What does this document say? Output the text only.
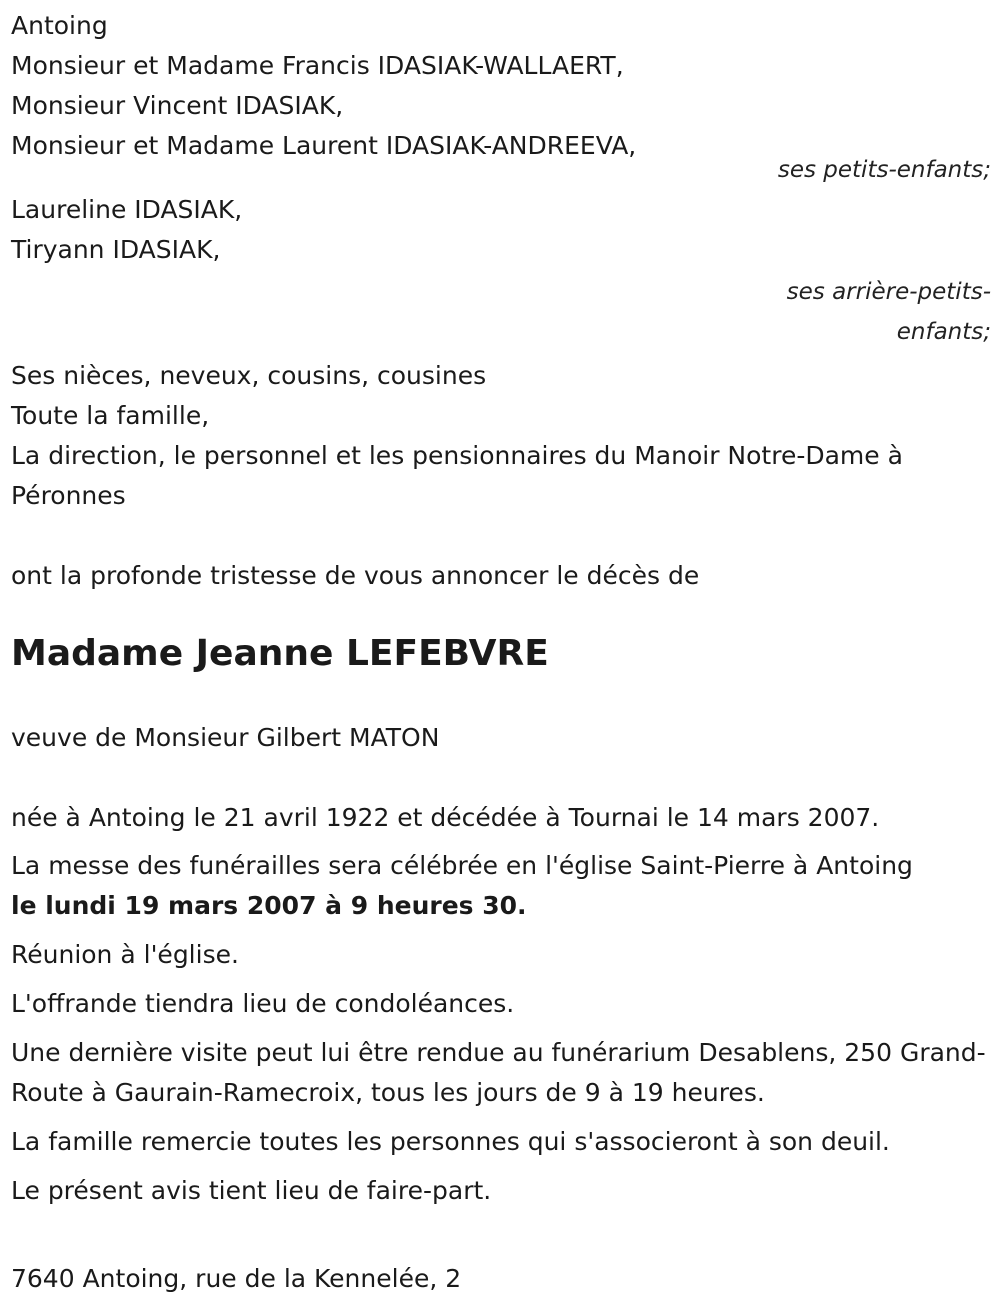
Antoing
Monsieur et Madame Francis IDASIAK-WALLAERT,
Monsieur Vincent IDASIAK,
Monsieur et Madame Laurent IDASIAK-ANDREEVA,
ses petits-enfants;
Laureline IDASIAK,
Tiryann IDASIAK,
ses arrière-petits-
enfants;
Ses nièces, neveux, cousins, cousines
Toute la famille,
La direction, le personnel et les pensionnaires du Manoir Notre-Dame à Péronnes
ont la profonde tristesse de vous annoncer le décès de
Madame Jeanne LEFEBVRE
veuve de Monsieur Gilbert MATON
née à Antoing le 21 avril 1922 et décédée à Tournai le 14 mars 2007.
La messe des funérailles sera célébrée en l'église Saint-Pierre à Antoing
le lundi 19 mars 2007 à 9 heures 30.
Réunion à l'église.
L'offrande tiendra lieu de condoléances.
Une dernière visite peut lui être rendue au funérarium Desablens, 250 Grand-Route à Gaurain-Ramecroix, tous les jours de 9 à 19 heures.
La famille remercie toutes les personnes qui s'associeront à son deuil.
Le présent avis tient lieu de faire-part.
7640 Antoing, rue de la Kennelée, 2
